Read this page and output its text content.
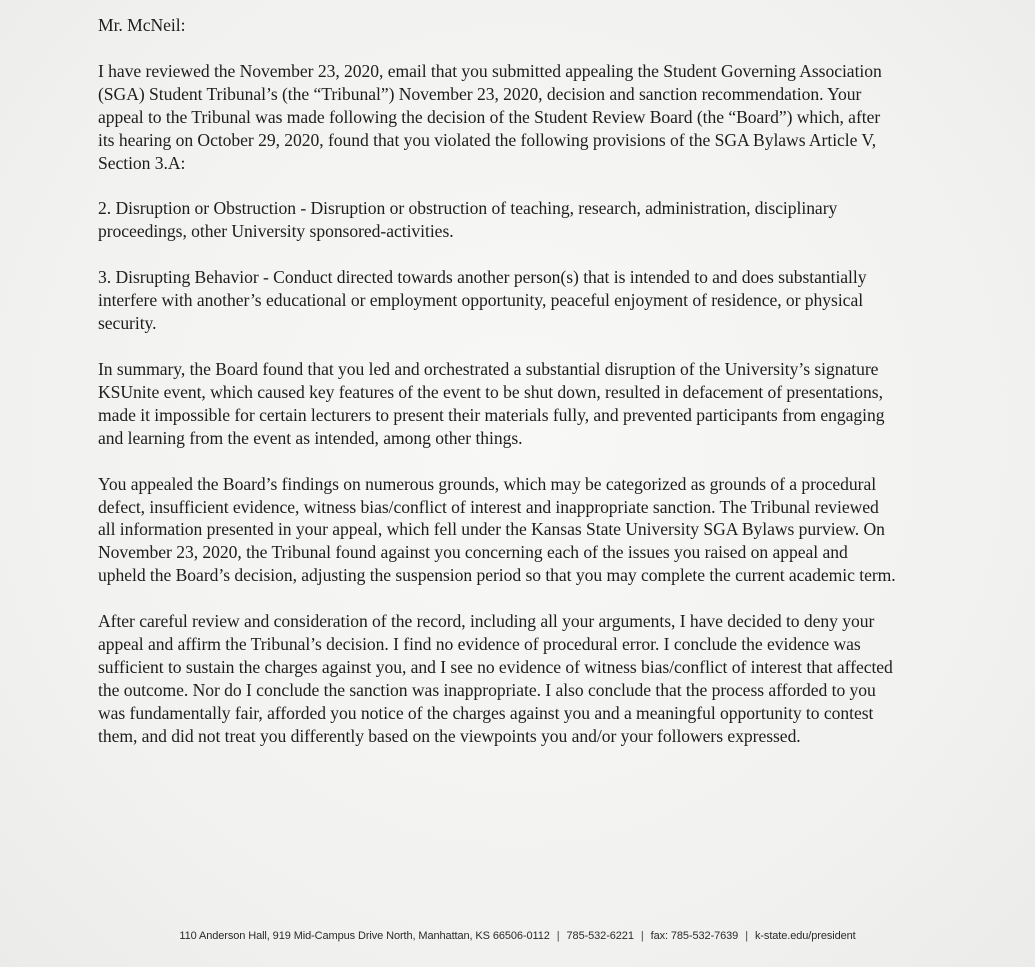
Mr. McNeil:

I have reviewed the November 23, 2020, email that you submitted appealing the Student Governing Association (SGA) Student Tribunal’s (the “Tribunal”) November 23, 2020, decision and sanction recommendation. Your appeal to the Tribunal was made following the decision of the Student Review Board (the “Board”) which, after its hearing on October 29, 2020, found that you violated the following provisions of the SGA Bylaws Article V, Section 3.A:

2. Disruption or Obstruction - Disruption or obstruction of teaching, research, administration, disciplinary proceedings, other University sponsored-activities.

3. Disrupting Behavior - Conduct directed towards another person(s) that is intended to and does substantially interfere with another’s educational or employment opportunity, peaceful enjoyment of residence, or physical security.

In summary, the Board found that you led and orchestrated a substantial disruption of the University’s signature KSUnite event, which caused key features of the event to be shut down, resulted in defacement of presentations, made it impossible for certain lecturers to present their materials fully, and prevented participants from engaging and learning from the event as intended, among other things.

You appealed the Board’s findings on numerous grounds, which may be categorized as grounds of a procedural defect, insufficient evidence, witness bias/conflict of interest and inappropriate sanction. The Tribunal reviewed all information presented in your appeal, which fell under the Kansas State University SGA Bylaws purview. On November 23, 2020, the Tribunal found against you concerning each of the issues you raised on appeal and upheld the Board’s decision, adjusting the suspension period so that you may complete the current academic term.

After careful review and consideration of the record, including all your arguments, I have decided to deny your appeal and affirm the Tribunal’s decision. I find no evidence of procedural error. I conclude the evidence was sufficient to sustain the charges against you, and I see no evidence of witness bias/conflict of interest that affected the outcome. Nor do I conclude the sanction was inappropriate. I also conclude that the process afforded to you was fundamentally fair, afforded you notice of the charges against you and a meaningful opportunity to contest them, and did not treat you differently based on the viewpoints you and/or your followers expressed.

110 Anderson Hall, 919 Mid-Campus Drive North, Manhattan, KS 66506-0112 | 785-532-6221 | fax: 785-532-7639 | k-state.edu/president
